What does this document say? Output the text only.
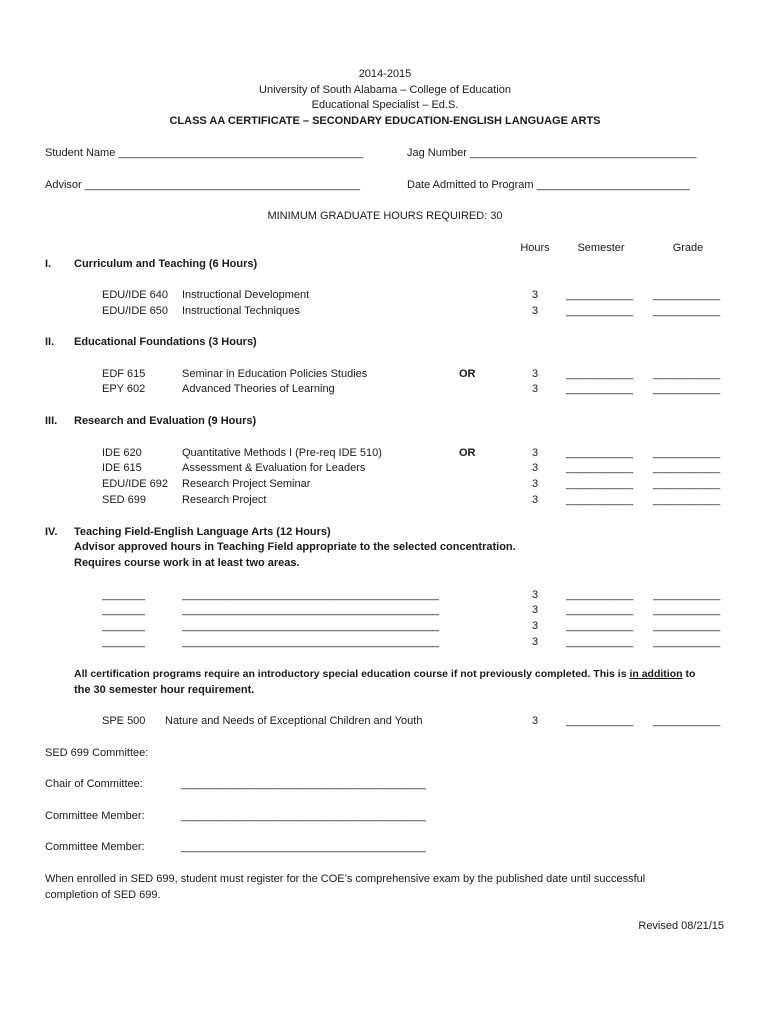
2014-2015
University of South Alabama – College of Education
Educational Specialist – Ed.S.
CLASS AA CERTIFICATE – SECONDARY EDUCATION-ENGLISH LANGUAGE ARTS
Student Name ________________________________________	Jag Number _____________________________________
Advisor _____________________________________________	Date Admitted to Program _________________________
MINIMUM GRADUATE HOURS REQUIRED: 30
Hours	Semester	Grade
I. Curriculum and Teaching (6 Hours)
EDU/IDE 640 Instructional Development	3	___________ ___________
EDU/IDE 650 Instructional Techniques	3	___________ ___________
II. Educational Foundations (3 Hours)
EDF 615	Seminar in Education Policies Studies	OR	3	___________ ___________
EPY 602	Advanced Theories of Learning	3	___________ ___________
III. Research and Evaluation (9 Hours)
IDE 620	Quantitative Methods I (Pre-req IDE 510)	OR	3	___________ ___________
IDE 615	Assessment & Evaluation for Leaders	3	___________ ___________
EDU/IDE 692 Research Project Seminar	3	___________ ___________
SED 699	Research Project	3	___________ ___________
IV. Teaching Field-English Language Arts (12 Hours)
Advisor approved hours in Teaching Field appropriate to the selected concentration.
Requires course work in at least two areas.
_______	__________________________________________	3	___________ ___________
_______	__________________________________________	3	___________ ___________
_______	__________________________________________	3	___________ ___________
_______	__________________________________________	3	___________ ___________
All certification programs require an introductory special education course if not previously completed. This is in addition to
the 30 semester hour requirement.
SPE 500 Nature and Needs of Exceptional Children and Youth	3	___________ ___________
SED 699 Committee:
Chair of Committee:	________________________________________
Committee Member:	________________________________________
Committee Member:	________________________________________
When enrolled in SED 699, student must register for the COE’s comprehensive exam by the published date until successful
completion of SED 699.
Revised 08/21/15
